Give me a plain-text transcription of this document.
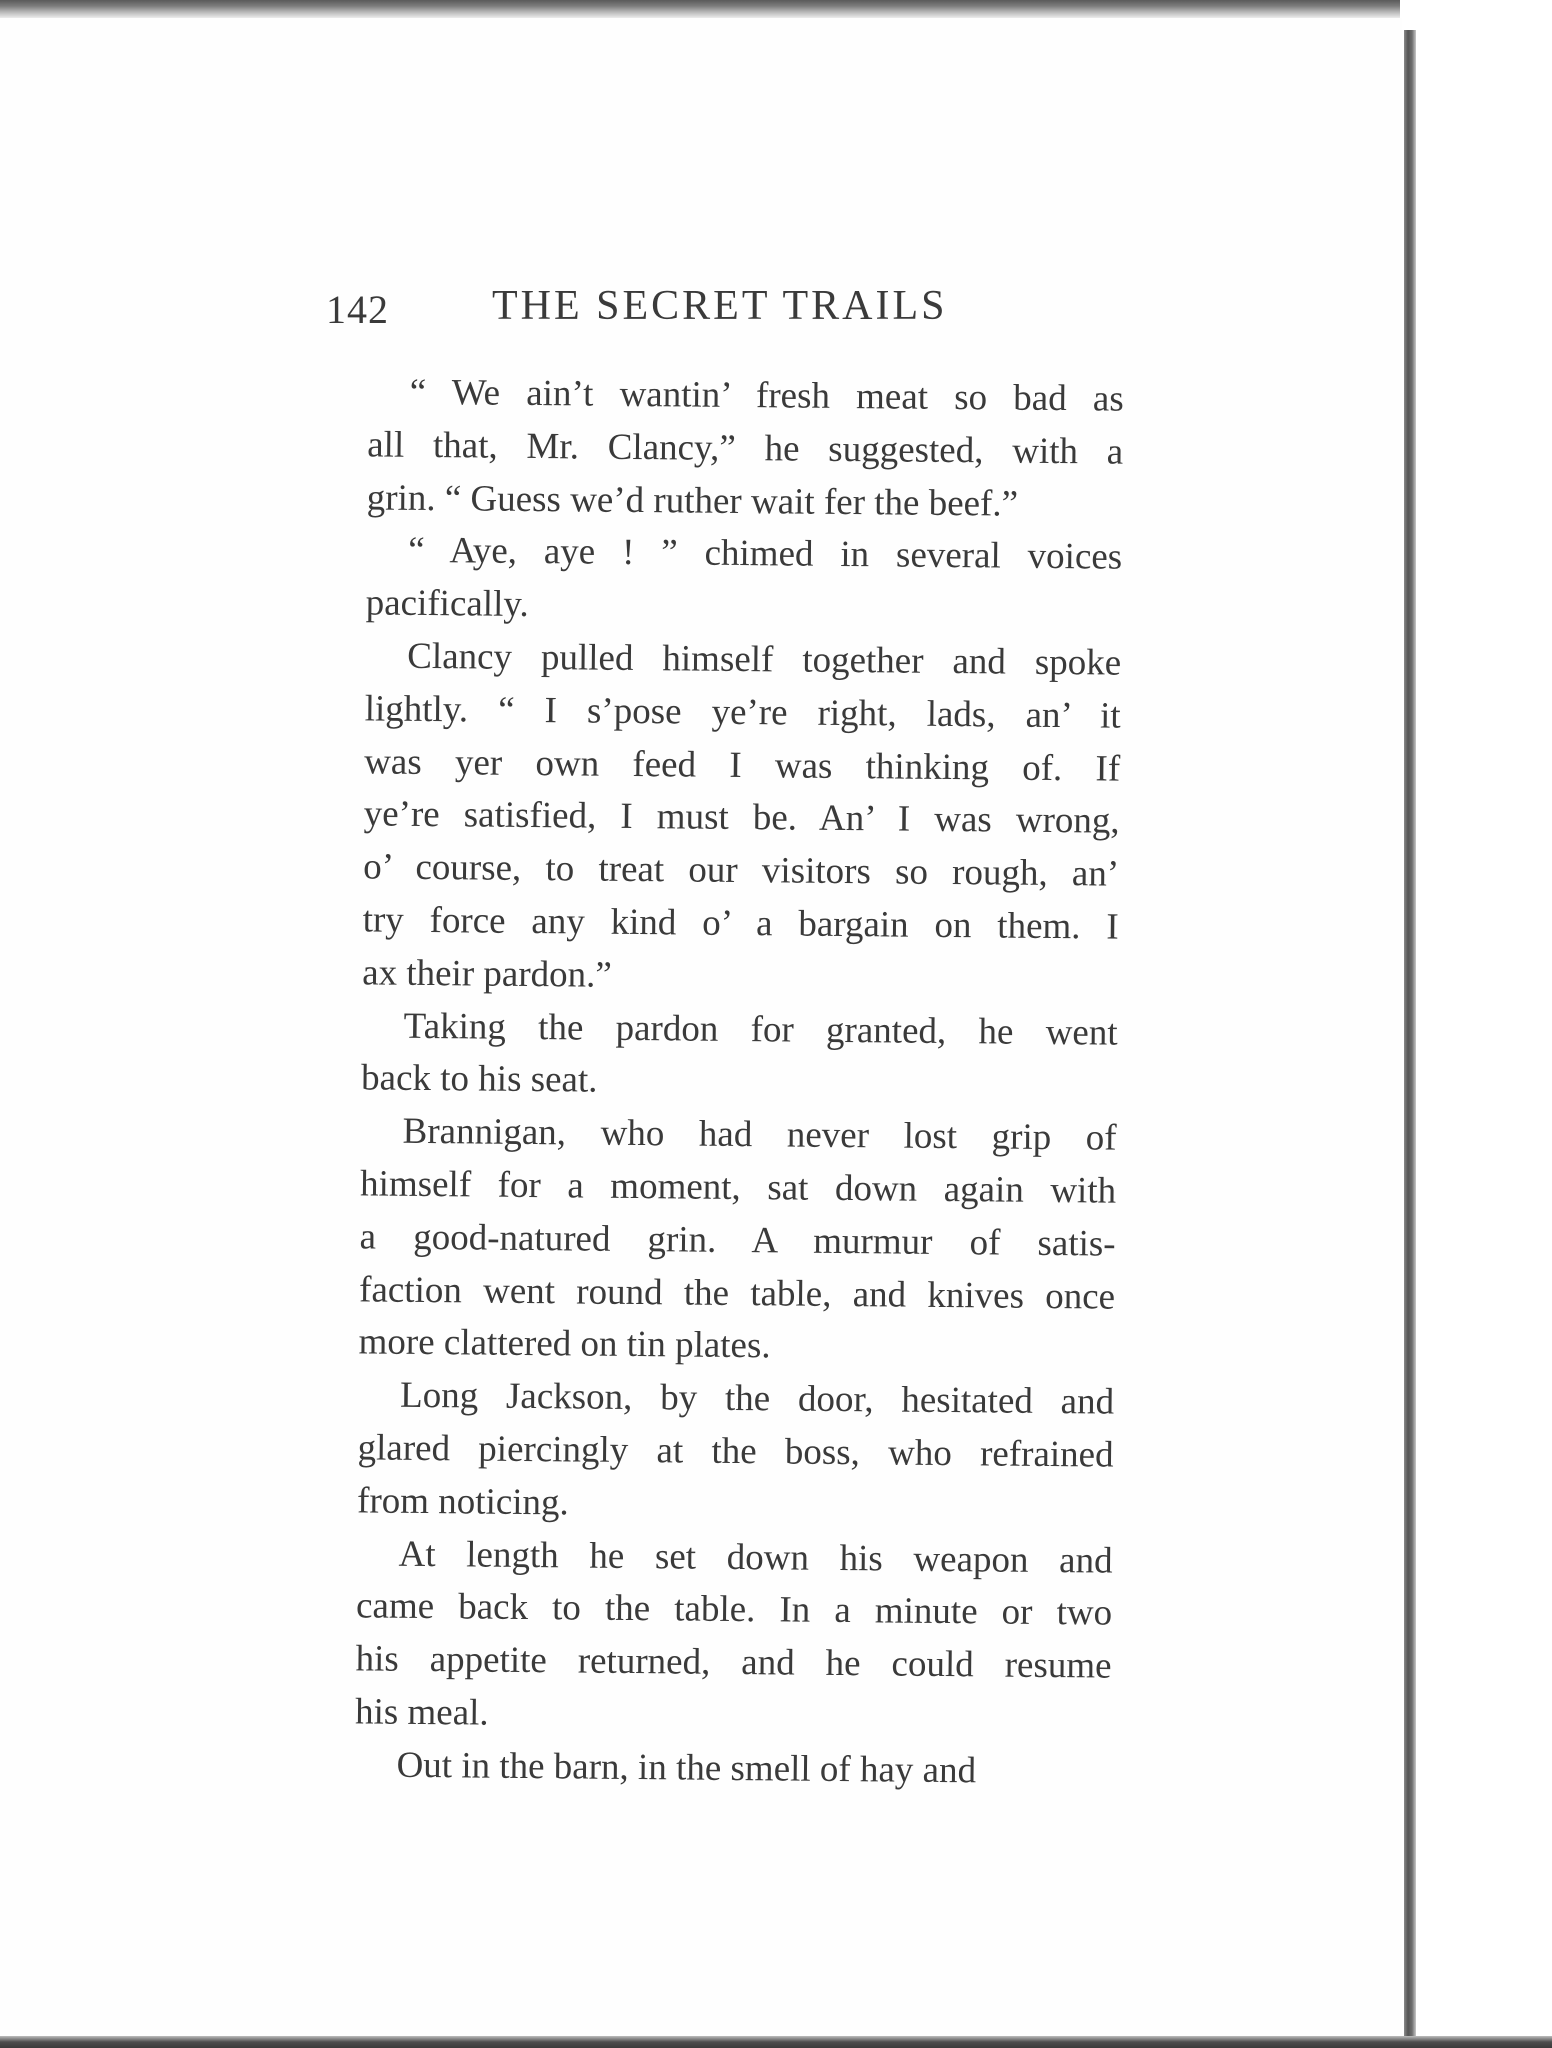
142 THE SECRET TRAILS
“ We ain’t wantin’ fresh meat so bad as
all that, Mr. Clancy,” he suggested, with a
grin. “ Guess we’d ruther wait fer the beef.”
“ Aye, aye ! ” chimed in several voices
pacifically.
Clancy pulled himself together and spoke
lightly. “ I s’pose ye’re right, lads, an’ it
was yer own feed I was thinking of. If
ye’re satisfied, I must be. An’ I was wrong,
o’ course, to treat our visitors so rough, an’
try force any kind o’ a bargain on them. I
ax their pardon.”
Taking the pardon for granted, he went
back to his seat.
Brannigan, who had never lost grip of
himself for a moment, sat down again with
a good-natured grin. A murmur of satis-
faction went round the table, and knives once
more clattered on tin plates.
Long Jackson, by the door, hesitated and
glared piercingly at the boss, who refrained
from noticing.
At length he set down his weapon and
came back to the table. In a minute or two
his appetite returned, and he could resume
his meal.
Out in the barn, in the smell of hay and
